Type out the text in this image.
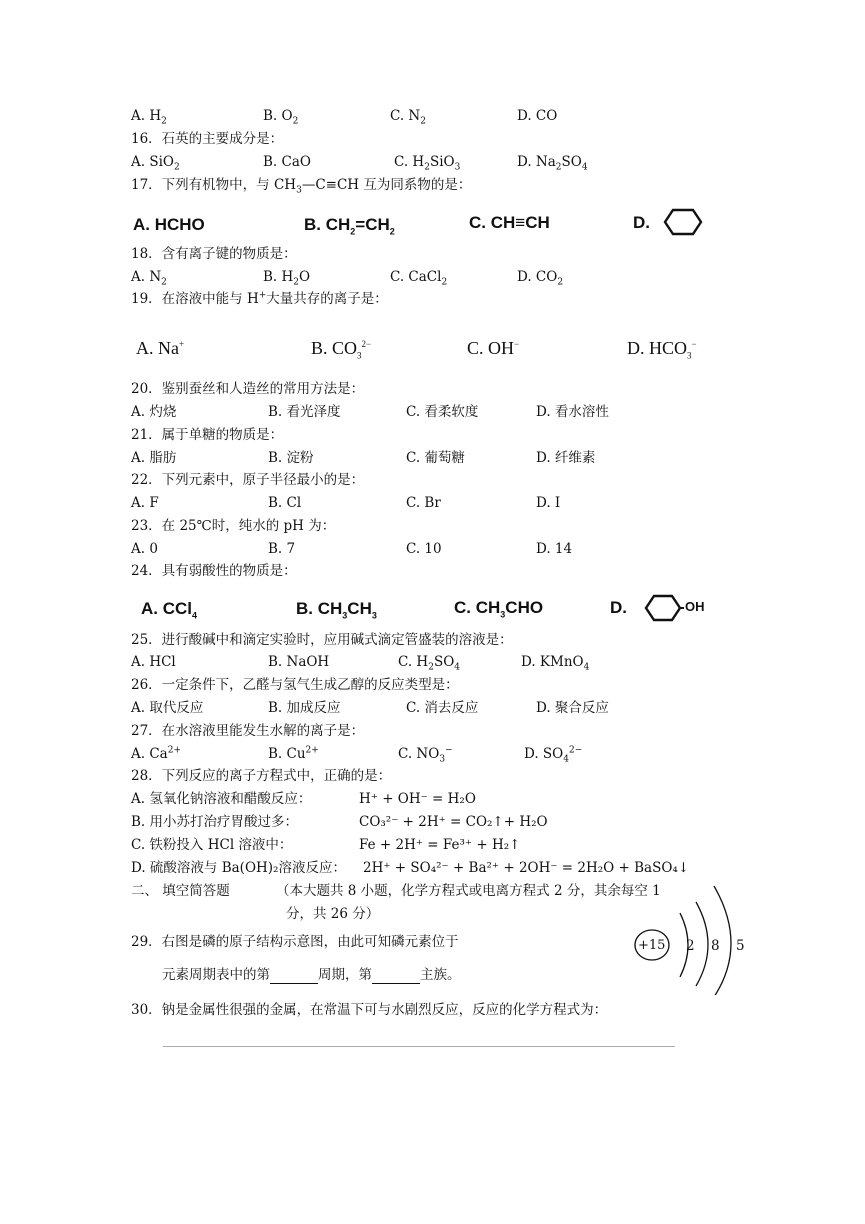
A. $H_2$	B. $O_2$	C. $N_2$	D. CO
16．石英的主要成分是：
A. SiO$_2$	B. CaO	C. $H_2SiO_3$	D. $Na_2SO_4$
17．下列有机物中，与 $CH_3—C\equiv CH$ 互为同系物的是：
A. HCHO	B. $CH_2=CH_2$	C. CH≡CH	D.
18．含有离子键的物质是：
A. $N_2$	B. $H_2O$	C. CaCl$_2$	D. $CO_2$
19．在溶液中能与 H+大量共存的离子是：
A. Na+	B. $CO_3^{2-}$	C. OH−	D. $HCO_3^-$
20．鉴别蚕丝和人造丝的常用方法是：
A. 灼烧	B. 看光泽度	C. 看柔软度	D. 看水溶性
21．属于单糖的物质是：
A. 脂肪	B. 淀粉	C. 葡萄糖	D. 纤维素
22．下列元素中，原子半径最小的是：
A. F	B. Cl	C. Br	D. I
23．在 25℃时，纯水的 pH 为：
A. 0	B. 7	C. 10	D. 14
24．具有弱酸性的物质是：
A. CCl$_4$	B. $CH_3CH_3$	C. $CH_3CHO$	D.	OH
25．进行酸碱中和滴定实验时，应用碱式滴定管盛装的溶液是：
A. HCl	B. NaOH	C. $H_2SO_4$	D. KMnO$_4$
26．一定条件下，乙醛与氢气生成乙醇的反应类型是：
A. 取代反应	B. 加成反应	C. 消去反应	D. 聚合反应
27．在水溶液里能发生水解的离子是：
A. $Ca^{2+}$	B. $Cu^{2+}$	C. $NO_3^-$	D. $SO_4^{2-}$
28．下列反应的离子方程式中，正确的是：
A. 氢氧化钠溶液和醋酸反应：	H⁺ + OH⁻ = H₂O
B. 用小苏打治疗胃酸过多：	CO₃²⁻ + 2H⁺ = CO₂↑+ H₂O
C. 铁粉投入 HCl 溶液中：	Fe + 2H⁺ = Fe³⁺ + H₂↑
D. 硫酸溶液与 Ba(OH)₂溶液反应： 2H⁺ + SO₄²⁻ + Ba²⁺ + 2OH⁻ = 2H₂O + BaSO₄↓
二、 填空简答题	（本大题共 8 小题，化学方程式或电离方程式 2 分，其余每空 1
分，共 26 分）
29．右图是磷的原子结构示意图，由此可知磷元素位于
元素周期表中的第	周期，第	主族。
+15 2 8 5
30．钠是金属性很强的金属，在常温下可与水剧烈反应，反应的化学方程式为：
